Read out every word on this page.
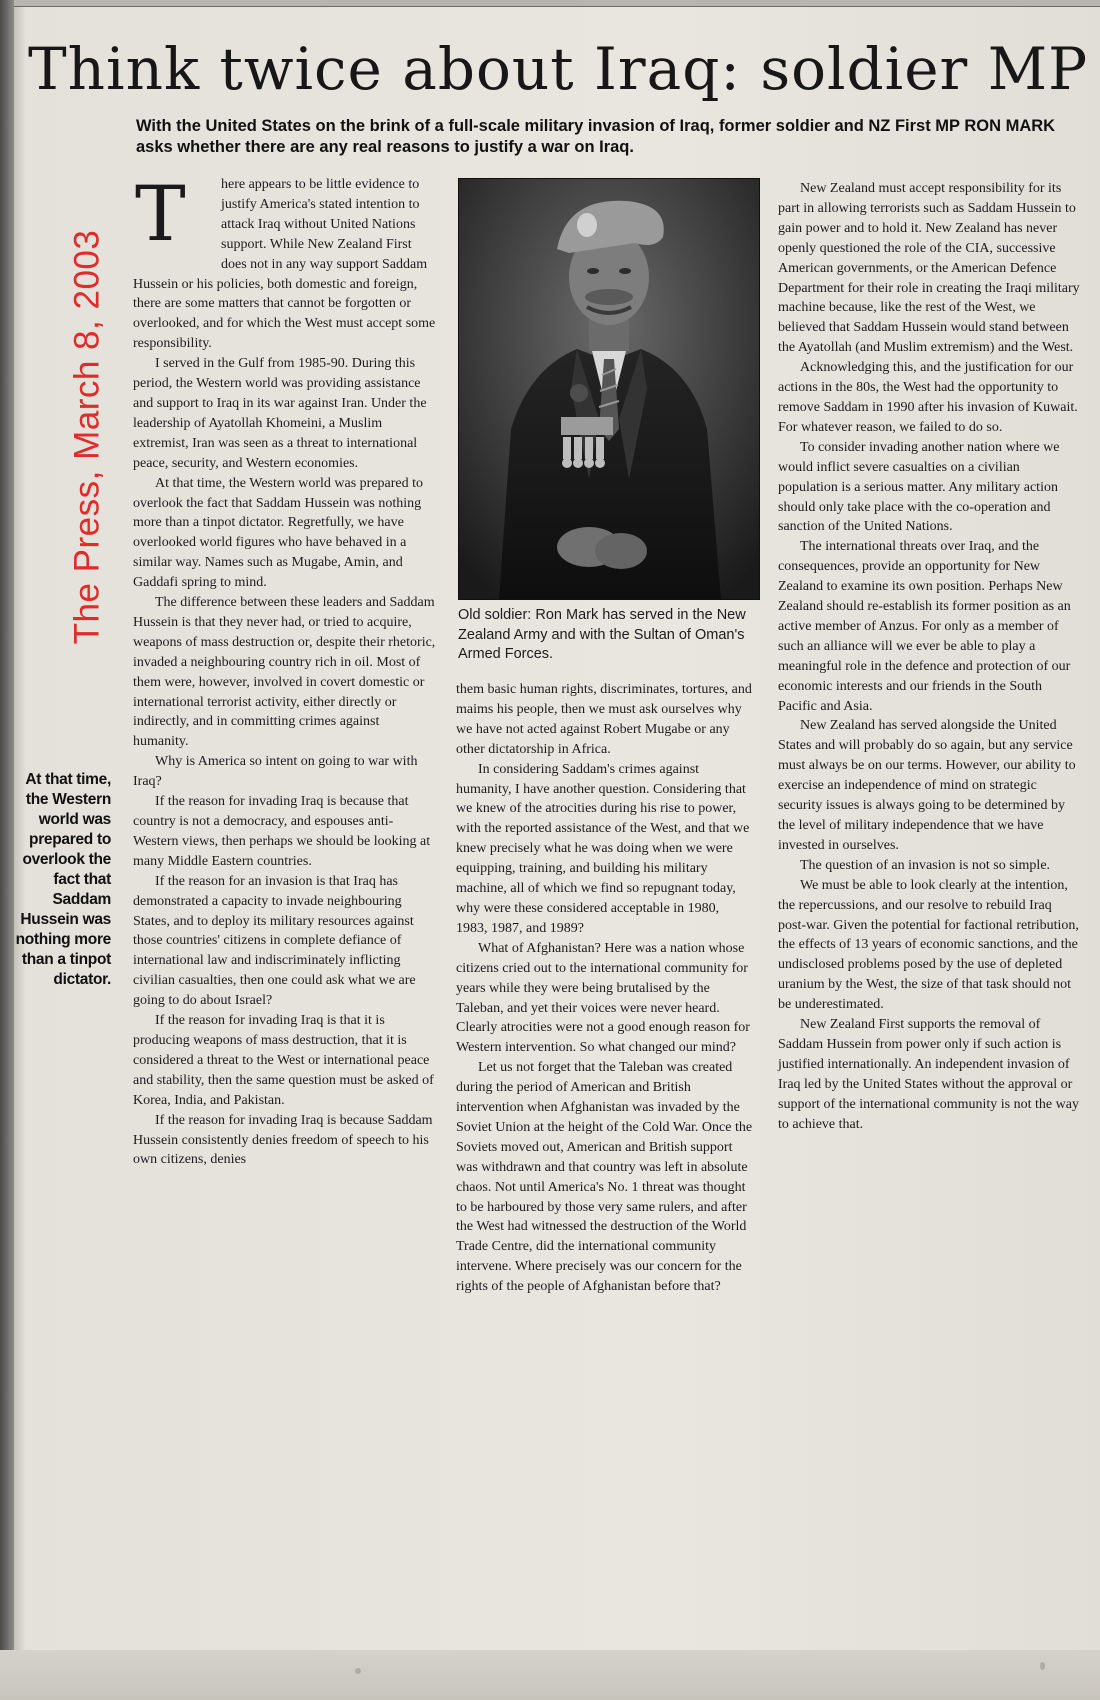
Think twice about Iraq: soldier MP
With the United States on the brink of a full-scale military invasion of Iraq, former soldier and NZ First MP RON MARK asks whether there are any real reasons to justify a war on Iraq.
The Press, March 8, 2003
At that time,
the Western
world was
prepared to
overlook the
fact that
Saddam
Hussein was
nothing more
than a tinpot
dictator.
T	here appears to be little evidence to justify America's stated intention to attack Iraq without United Nations support. While New Zealand First does not in any way support Saddam Hussein or his policies, both domestic and foreign, there are some matters that cannot be forgotten or overlooked, and for which the West must accept some responsibility.

I served in the Gulf from 1985-90. During this period, the Western world was providing assistance and support to Iraq in its war against Iran. Under the leadership of Ayatollah Khomeini, a Muslim extremist, Iran was seen as a threat to international peace, security, and Western economies.

At that time, the Western world was prepared to overlook the fact that Saddam Hussein was nothing more than a tinpot dictator. Regretfully, we have overlooked world figures who have behaved in a similar way. Names such as Mugabe, Amin, and Gaddafi spring to mind.

The difference between these leaders and Saddam Hussein is that they never had, or tried to acquire, weapons of mass destruction or, despite their rhetoric, invaded a neighbouring country rich in oil. Most of them were, however, involved in covert domestic or international terrorist activity, either directly or indirectly, and in committing crimes against humanity.

Why is America so intent on going to war with Iraq?

If the reason for invading Iraq is because that country is not a democracy, and espouses anti-Western views, then perhaps we should be looking at many Middle Eastern countries.

If the reason for an invasion is that Iraq has demonstrated a capacity to invade neighbouring States, and to deploy its military resources against those countries' citizens in complete defiance of international law and indiscriminately inflicting civilian casualties, then one could ask what we are going to do about Israel?

If the reason for invading Iraq is that it is producing weapons of mass destruction, that it is considered a threat to the West or international peace and stability, then the same question must be asked of Korea, India, and Pakistan.

If the reason for invading Iraq is because Saddam Hussein consistently denies freedom of speech to his own citizens, denies

Old soldier: Ron Mark has served in the New Zealand Army and with the Sultan of Oman's Armed Forces.

them basic human rights, discriminates, tortures, and maims his people, then we must ask ourselves why we have not acted against Robert Mugabe or any other dictatorship in Africa.

In considering Saddam's crimes against humanity, I have another question. Considering that we knew of the atrocities during his rise to power, with the reported assistance of the West, and that we knew precisely what he was doing when we were equipping, training, and building his military machine, all of which we find so repugnant today, why were these considered acceptable in 1980, 1983, 1987, and 1989?

What of Afghanistan? Here was a nation whose citizens cried out to the international community for years while they were being brutalised by the Taleban, and yet their voices were never heard. Clearly atrocities were not a good enough reason for Western intervention. So what changed our mind?

Let us not forget that the Taleban was created during the period of American and British intervention when Afghanistan was invaded by the Soviet Union at the height of the Cold War. Once the Soviets moved out, American and British support was withdrawn and that country was left in absolute chaos. Not until America's No. 1 threat was thought to be harboured by those very same rulers, and after the West had witnessed the destruction of the World Trade Centre, did the international community intervene. Where precisely was our concern for the rights of the people of Afghanistan before that?

New Zealand must accept responsibility for its part in allowing terrorists such as Saddam Hussein to gain power and to hold it. New Zealand has never openly questioned the role of the CIA, successive American governments, or the American Defence Department for their role in creating the Iraqi military machine because, like the rest of the West, we believed that Saddam Hussein would stand between the Ayatollah (and Muslim extremism) and the West.

Acknowledging this, and the justification for our actions in the 80s, the West had the opportunity to remove Saddam in 1990 after his invasion of Kuwait. For whatever reason, we failed to do so.

To consider invading another nation where we would inflict severe casualties on a civilian population is a serious matter. Any military action should only take place with the co-operation and sanction of the United Nations.

The international threats over Iraq, and the consequences, provide an opportunity for New Zealand to examine its own position. Perhaps New Zealand should re-establish its former position as an active member of Anzus. For only as a member of such an alliance will we ever be able to play a meaningful role in the defence and protection of our economic interests and our friends in the South Pacific and Asia.

New Zealand has served alongside the United States and will probably do so again, but any service must always be on our terms. However, our ability to exercise an independence of mind on strategic security issues is always going to be determined by the level of military independence that we have invested in ourselves.

The question of an invasion is not so simple.

We must be able to look clearly at the intention, the repercussions, and our resolve to rebuild Iraq post-war. Given the potential for factional retribution, the effects of 13 years of economic sanctions, and the undisclosed problems posed by the use of depleted uranium by the West, the size of that task should not be underestimated.

New Zealand First supports the removal of Saddam Hussein from power only if such action is justified internationally. An independent invasion of Iraq led by the United States without the approval or support of the international community is not the way to achieve that.
